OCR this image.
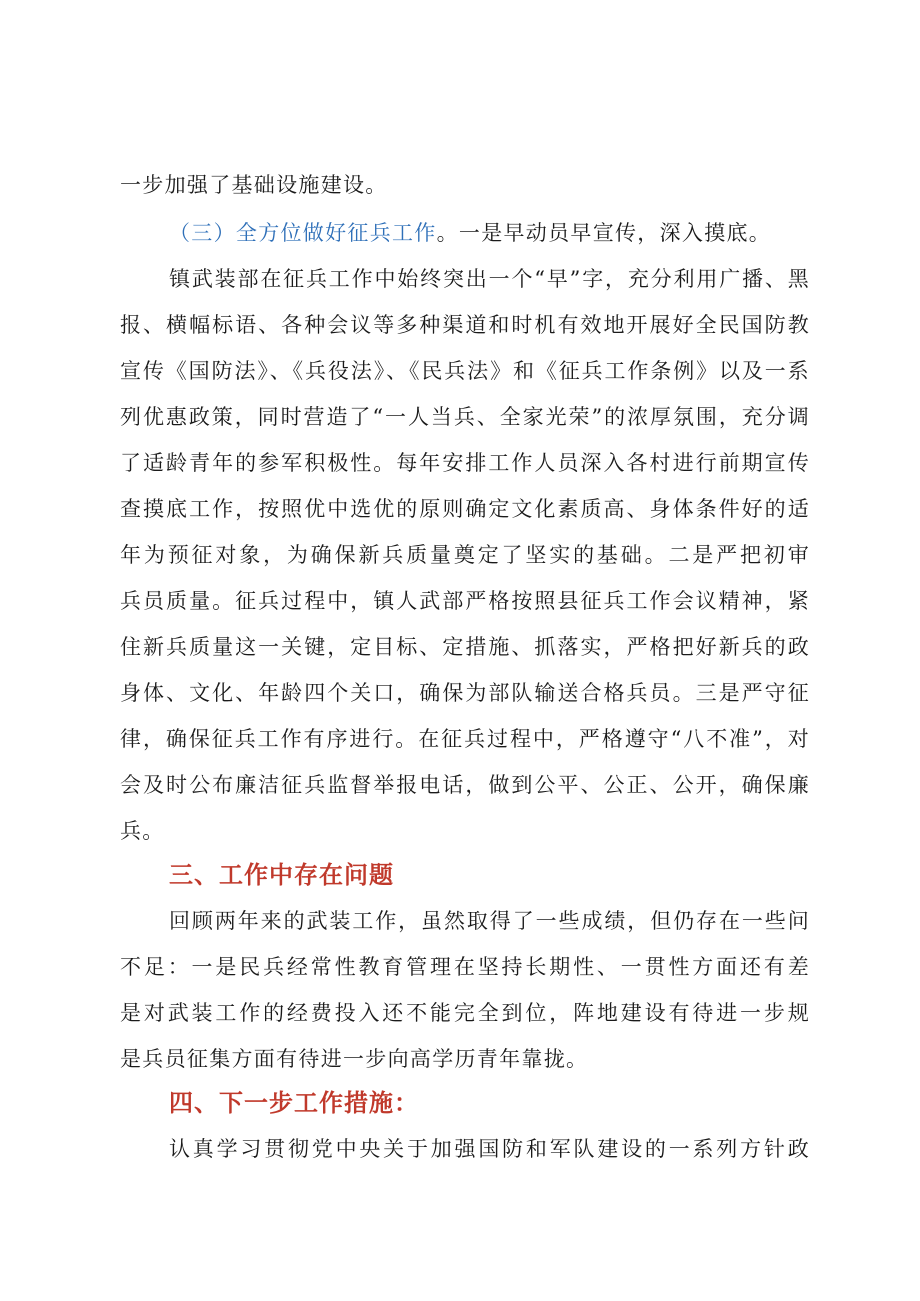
一步加强了基础设施建设。
（三）全方位做好征兵工作。一是早动员早宣传，深入摸底。
镇武装部在征兵工作中始终突出一个“早”字，充分利用广播、黑
报、横幅标语、各种会议等多种渠道和时机有效地开展好全民国防教
宣传《国防法》、《兵役法》、《民兵法》和《征兵工作条例》以及一系
列优惠政策，同时营造了“一人当兵、全家光荣”的浓厚氛围，充分调
了适龄青年的参军积极性。每年安排工作人员深入各村进行前期宣传
查摸底工作，按照优中选优的原则确定文化素质高、身体条件好的适
年为预征对象，为确保新兵质量奠定了坚实的基础。二是严把初审
兵员质量。征兵过程中，镇人武部严格按照县征兵工作会议精神，紧
住新兵质量这一关键，定目标、定措施、抓落实，严格把好新兵的政
身体、文化、年龄四个关口，确保为部队输送合格兵员。三是严守征
律，确保征兵工作有序进行。在征兵过程中，严格遵守“八不准”，对
会及时公布廉洁征兵监督举报电话，做到公平、公正、公开，确保廉
兵。
三、工作中存在问题
回顾两年来的武装工作，虽然取得了一些成绩，但仍存在一些问
不足：一是民兵经常性教育管理在坚持长期性、一贯性方面还有差
是对武装工作的经费投入还不能完全到位，阵地建设有待进一步规
是兵员征集方面有待进一步向高学历青年靠拢。
四、下一步工作措施：
认真学习贯彻党中央关于加强国防和军队建设的一系列方针政
